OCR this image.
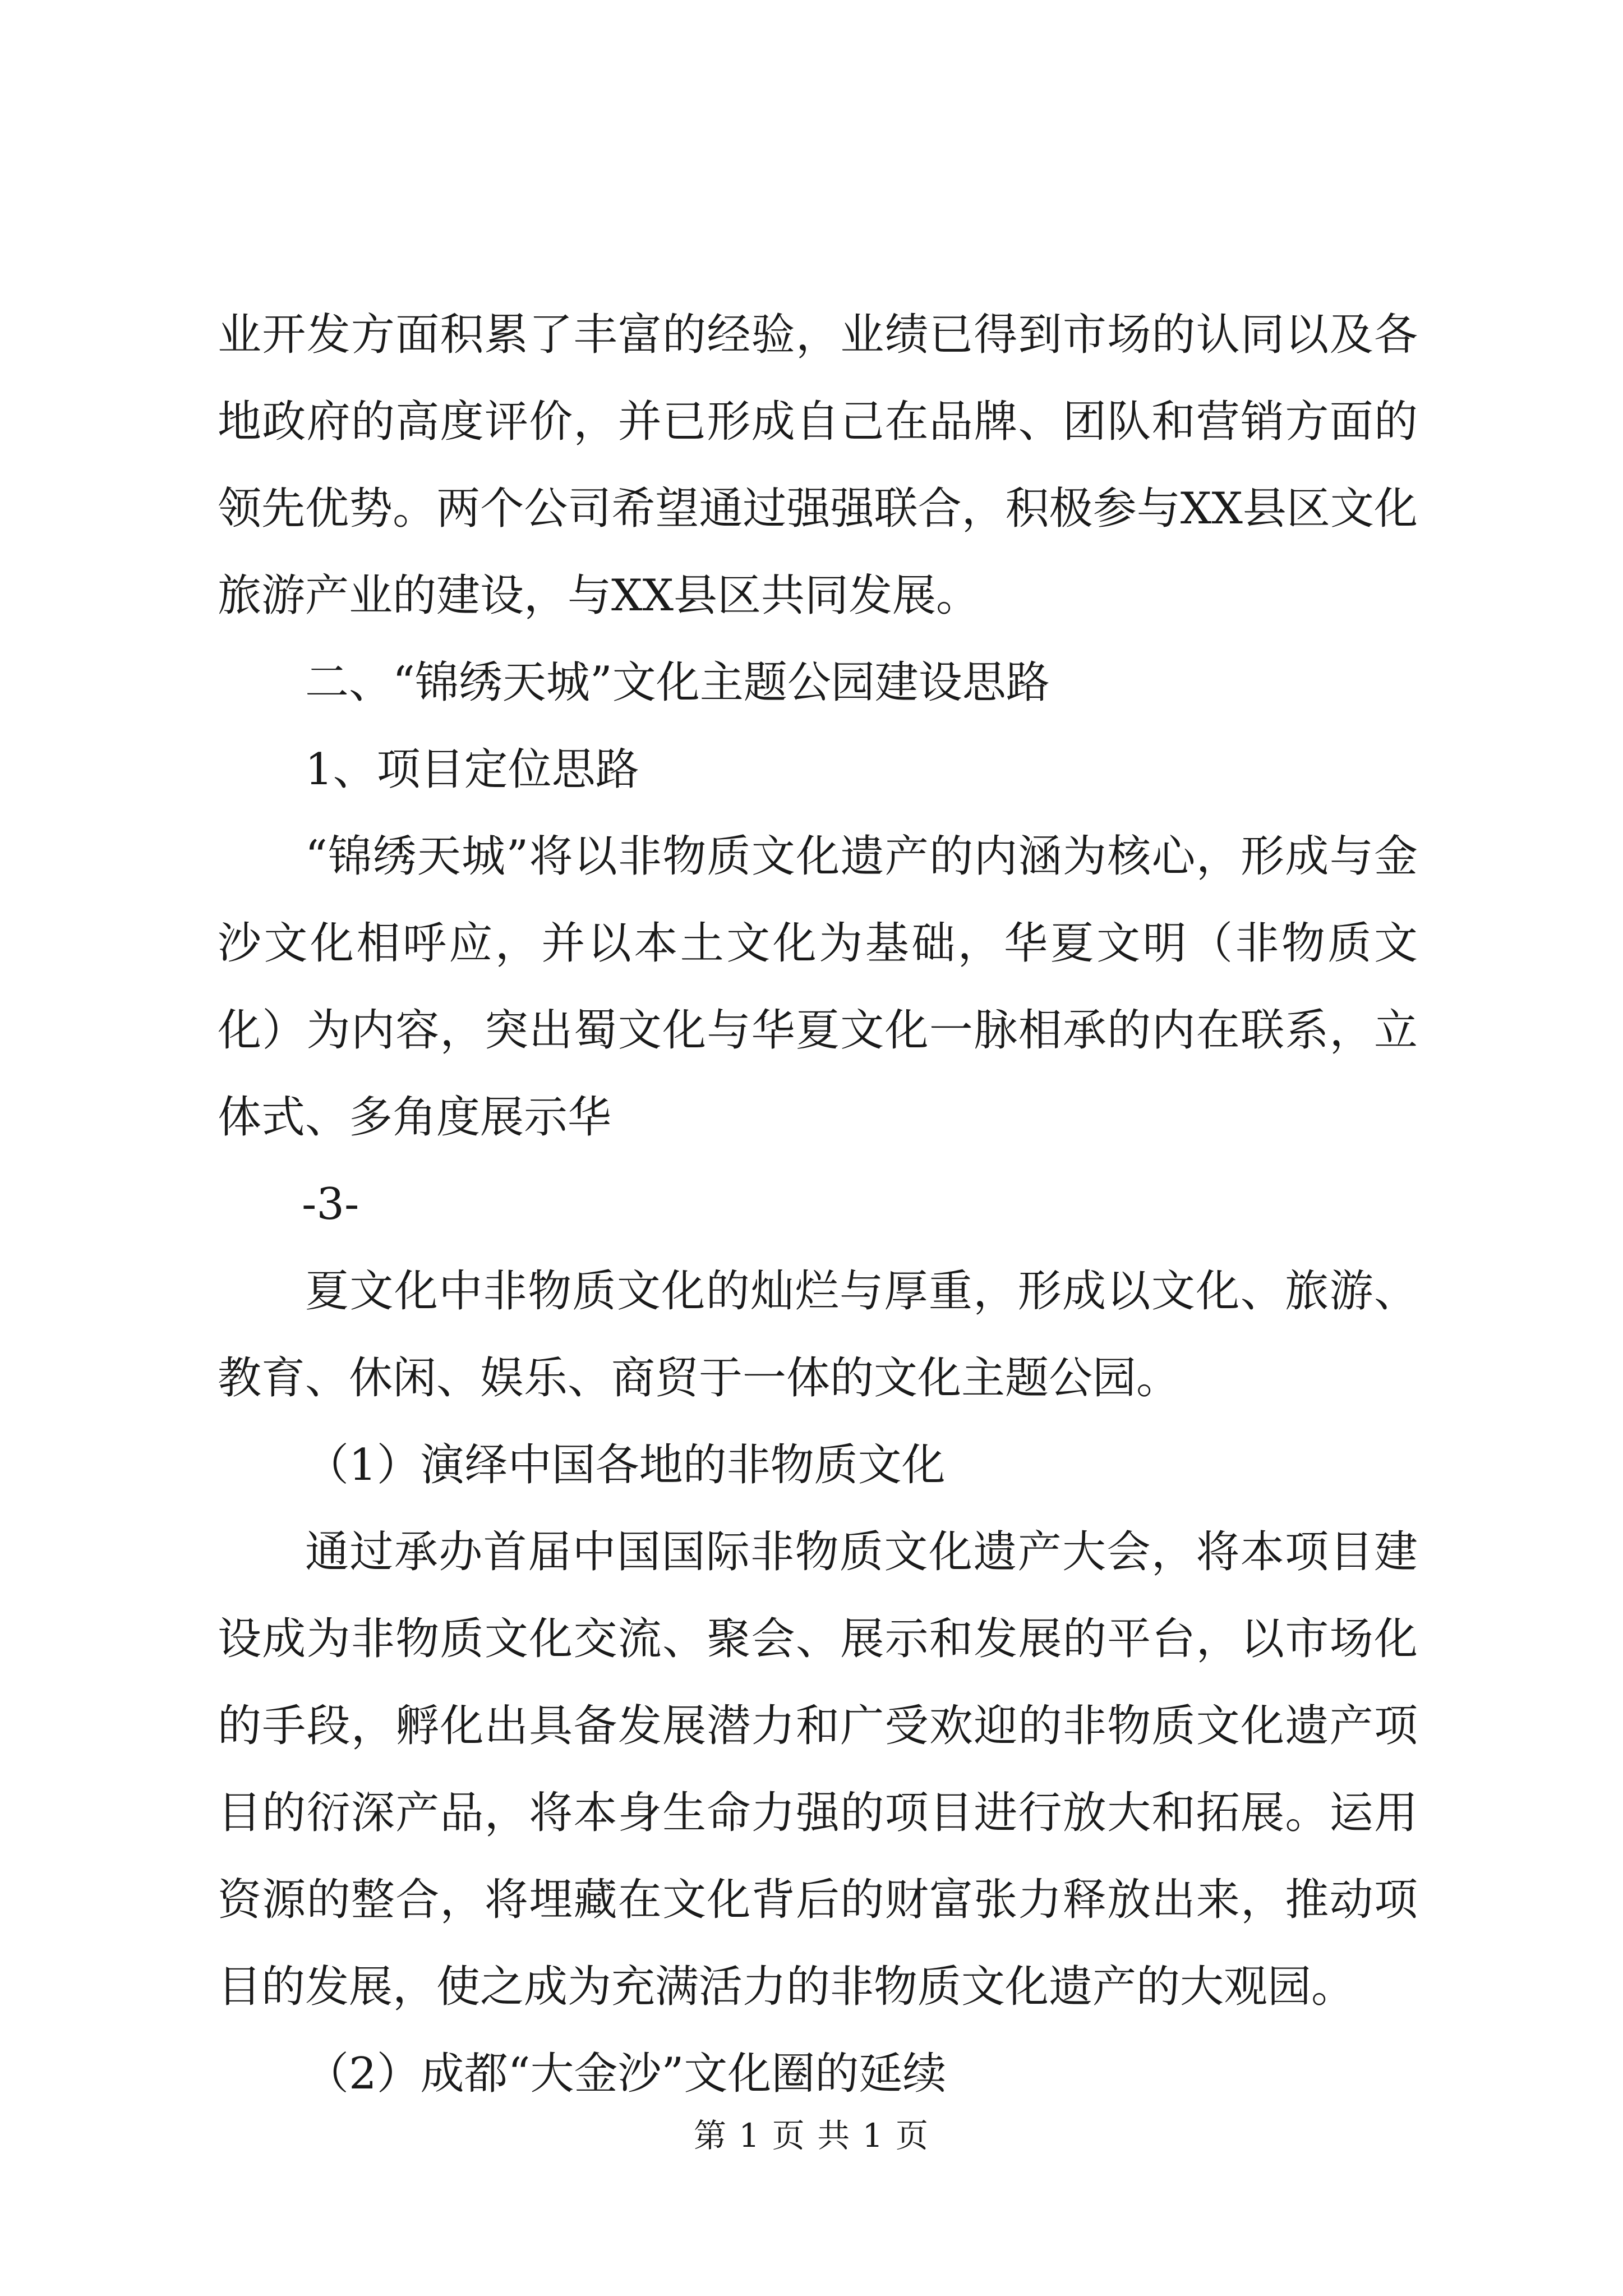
业开发方面积累了丰富的经验，业绩已得到市场的认同以及各地政府的高度评价，并已形成自己在品牌、团队和营销方面的领先优势。两个公司希望通过强强联合，积极参与XX县区文化旅游产业的建设，与XX县区共同发展。

二、“锦绣天城”文化主题公园建设思路

1、项目定位思路

“锦绣天城”将以非物质文化遗产的内涵为核心，形成与金沙文化相呼应，并以本土文化为基础，华夏文明（非物质文化）为内容，突出蜀文化与华夏文化一脉相承的内在联系，立体式、多角度展示华

-3-

夏文化中非物质文化的灿烂与厚重，形成以文化、旅游、教育、休闲、娱乐、商贸于一体的文化主题公园。

（1）演绎中国各地的非物质文化

通过承办首届中国国际非物质文化遗产大会，将本项目建设成为非物质文化交流、聚会、展示和发展的平台，以市场化的手段，孵化出具备发展潜力和广受欢迎的非物质文化遗产项目的衍深产品，将本身生命力强的项目进行放大和拓展。运用资源的整合，将埋藏在文化背后的财富张力释放出来，推动项目的发展，使之成为充满活力的非物质文化遗产的大观园。

（2）成都“大金沙”文化圈的延续

第 1 页 共 1 页
